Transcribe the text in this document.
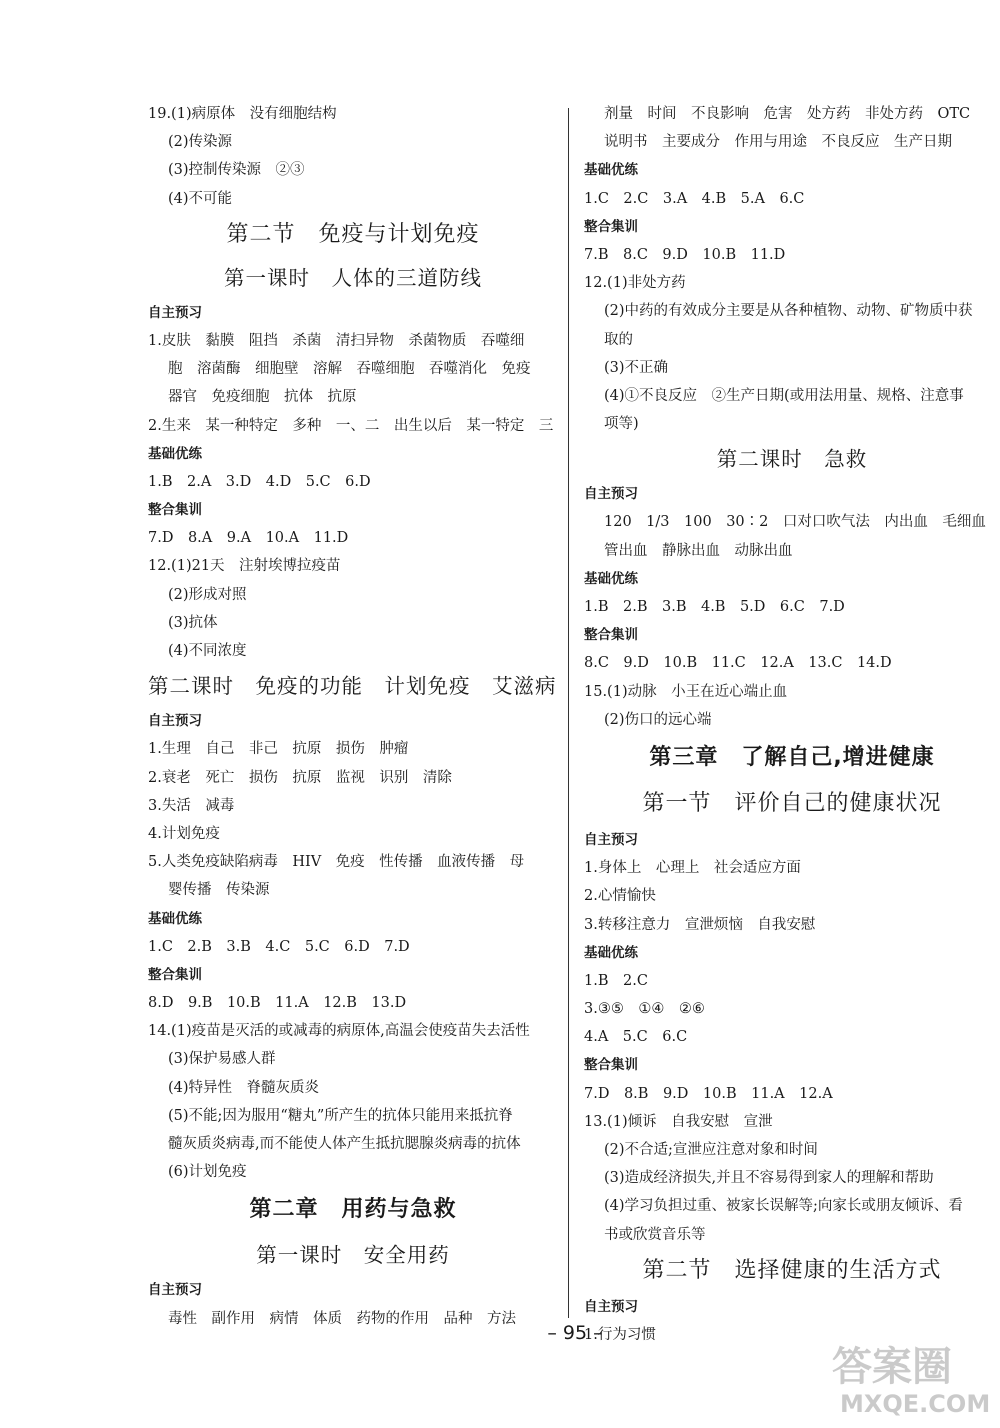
19.(1)病原体　没有细胞结构
(2)传染源
(3)控制传染源　②③
(4)不可能
第二节　免疫与计划免疫
第一课时　人体的三道防线
自主预习
1.皮肤　黏膜　阻挡　杀菌　清扫异物　杀菌物质　吞噬细
胞　溶菌酶　细胞壁　溶解　吞噬细胞　吞噬消化　免疫
器官　免疫细胞　抗体　抗原
2.生来　某一种特定　多种　一、二　出生以后　某一特定　三
基础优练
1.B　2.A　3.D　4.D　5.C　6.D
整合集训
7.D　8.A　9.A　10.A　11.D
12.(1)21天　注射埃博拉疫苗
(2)形成对照
(3)抗体
(4)不同浓度
第二课时　免疫的功能　计划免疫　艾滋病
自主预习
1.生理　自己　非己　抗原　损伤　肿瘤
2.衰老　死亡　损伤　抗原　监视　识别　清除
3.失活　减毒
4.计划免疫
5.人类免疫缺陷病毒　HIV　免疫　性传播　血液传播　母
婴传播　传染源
基础优练
1.C　2.B　3.B　4.C　5.C　6.D　7.D
整合集训
8.D　9.B　10.B　11.A　12.B　13.D
14.(1)疫苗是灭活的或减毒的病原体,高温会使疫苗失去活性
(3)保护易感人群
(4)特异性　脊髓灰质炎
(5)不能;因为服用“糖丸”所产生的抗体只能用来抵抗脊
髓灰质炎病毒,而不能使人体产生抵抗腮腺炎病毒的抗体
(6)计划免疫
第二章　用药与急救
第一课时　安全用药
自主预习
毒性　副作用　病情　体质　药物的作用　品种　方法
剂量　时间　不良影响　危害　处方药　非处方药　OTC
说明书　主要成分　作用与用途　不良反应　生产日期
基础优练
1.C　2.C　3.A　4.B　5.A　6.C
整合集训
7.B　8.C　9.D　10.B　11.D
12.(1)非处方药
(2)中药的有效成分主要是从各种植物、动物、矿物质中获
取的
(3)不正确
(4)①不良反应　②生产日期(或用法用量、规格、注意事
项等)
第二课时　急救
自主预习
120　1/3　100　30∶2　口对口吹气法　内出血　毛细血
管出血　静脉出血　动脉出血
基础优练
1.B　2.B　3.B　4.B　5.D　6.C　7.D
整合集训
8.C　9.D　10.B　11.C　12.A　13.C　14.D
15.(1)动脉　小王在近心端止血
(2)伤口的远心端
第三章　了解自己,增进健康
第一节　评价自己的健康状况
自主预习
1.身体上　心理上　社会适应方面
2.心情愉快
3.转移注意力　宣泄烦恼　自我安慰
基础优练
1.B　2.C
3.③⑤　①④　②⑥
4.A　5.C　6.C
整合集训
7.D　8.B　9.D　10.B　11.A　12.A
13.(1)倾诉　自我安慰　宣泄
(2)不合适;宣泄应注意对象和时间
(3)造成经济损失,并且不容易得到家人的理解和帮助
(4)学习负担过重、被家长误解等;向家长或朋友倾诉、看
书或欣赏音乐等
第二节　选择健康的生活方式
自主预习
1.行为习惯
– 95 –
答案圈
MXQE.COM
